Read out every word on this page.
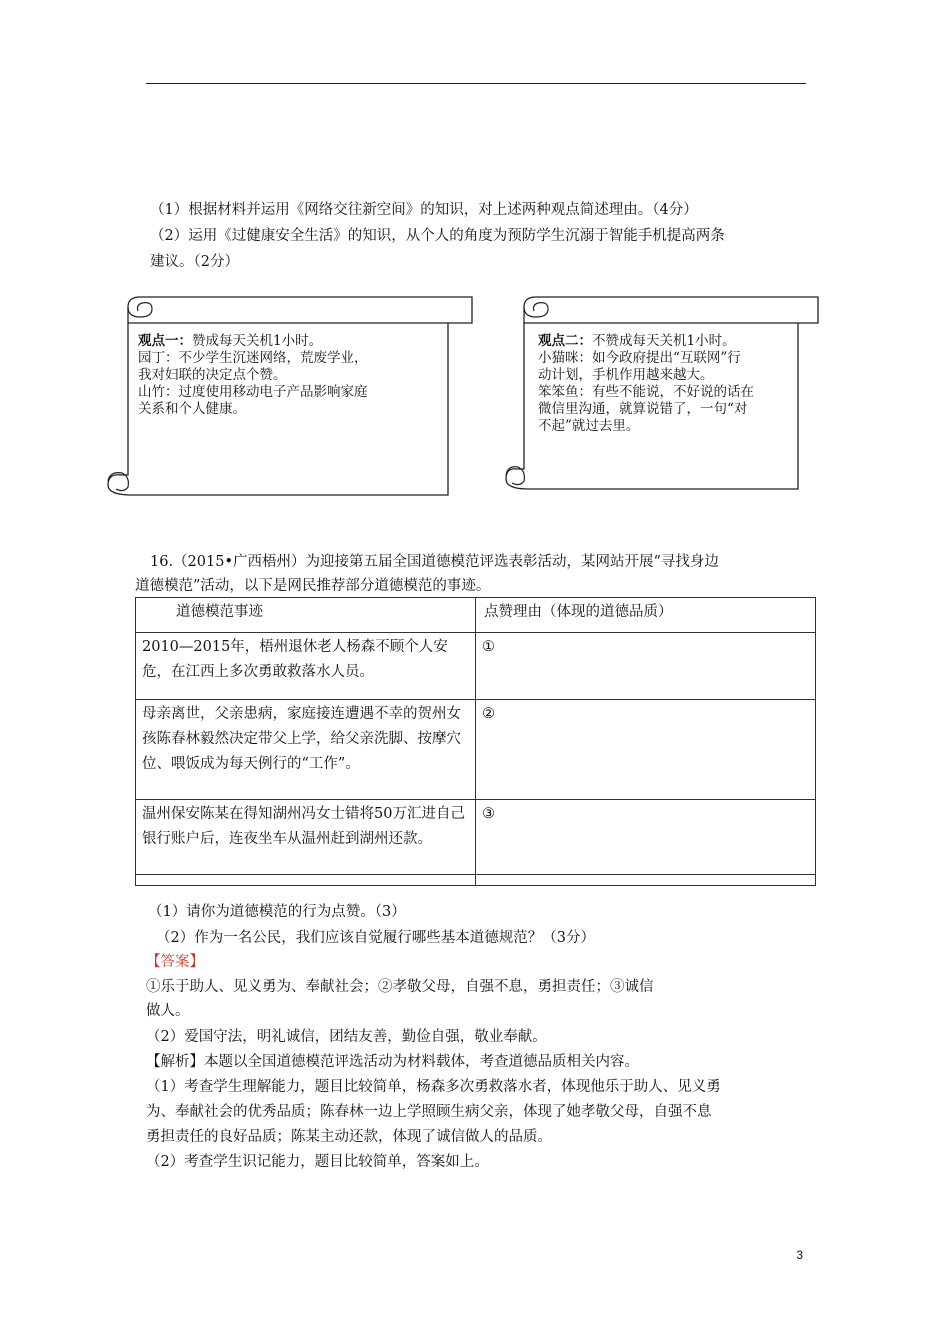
（1）根据材料并运用《网络交往新空间》的知识，对上述两种观点简述理由。（4分）
（2）运用《过健康安全生活》的知识，从个人的角度为预防学生沉溺于智能手机提高两条
建议。（2分）
观点一：赞成每天关机1小时。
园丁：不少学生沉迷网络，荒废学业，
我对妇联的决定点个赞。
山竹：过度使用移动电子产品影响家庭
关系和个人健康。
观点二：不赞成每天关机1小时。
小猫咪：如今政府提出“互联网”行
动计划，手机作用越来越大。
笨笨鱼：有些不能说，不好说的话在
微信里沟通，就算说错了，一句“对
不起”就过去里。
16.（2015•广西梧州）为迎接第五届全国道德模范评选表彰活动，某网站开展“寻找身边
道德模范”活动，以下是网民推荐部分道德模范的事迹。
道德模范事迹	点赞理由（体现的道德品质）
2010—2015年，梧州退休老人杨森不顾个人安危，在江西上多次勇敢救落水人员。	①
母亲离世，父亲患病，家庭接连遭遇不幸的贺州女孩陈春林毅然决定带父上学，给父亲洗脚、按摩穴位、喂饭成为每天例行的“工作”。	②
温州保安陈某在得知湖州冯女士错将50万汇进自己银行账户后，连夜坐车从温州赶到湖州还款。	③

（1）请你为道德模范的行为点赞。（3）
（2）作为一名公民，我们应该自觉履行哪些基本道德规范？（3分）
【答案】
①乐于助人、见义勇为、奉献社会；②孝敬父母，自强不息，勇担责任；③诚信
做人。
（2）爱国守法，明礼诚信，团结友善，勤俭自强，敬业奉献。
【解析】本题以全国道德模范评选活动为材料载体，考查道德品质相关内容。
（1）考查学生理解能力，题目比较简单，杨森多次勇救落水者，体现他乐于助人、见义勇
为、奉献社会的优秀品质；陈春林一边上学照顾生病父亲，体现了她孝敬父母，自强不息
勇担责任的良好品质；陈某主动还款，体现了诚信做人的品质。
（2）考查学生识记能力，题目比较简单，答案如上。
3
